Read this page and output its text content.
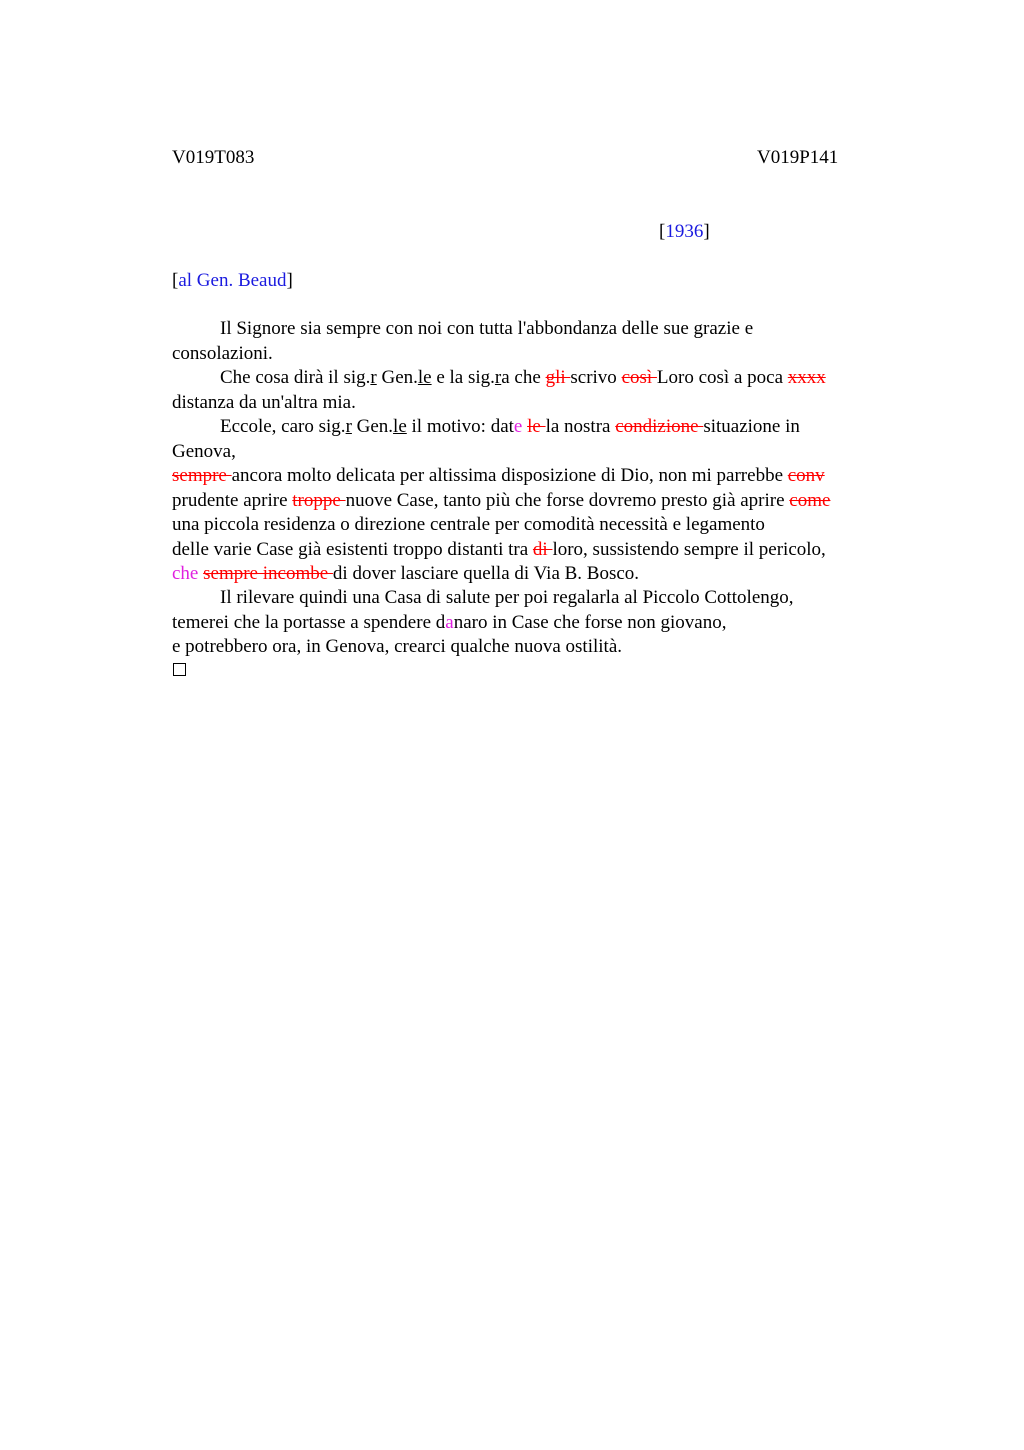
V019T083	V019P141
[1936]
[al Gen. Beaud]
Il Signore sia sempre con noi con tutta l'abbondanza delle sue grazie e
consolazioni.
Che cosa dirà il sig.r Gen.le e la sig.ra che gli scrivo così Loro così a poca xxxx
distanza da un'altra mia.
Eccole, caro sig.r Gen.le il motivo: date le la nostra condizione situazione in
Genova,
sempre ancora molto delicata per altissima disposizione di Dio, non mi parrebbe conv
prudente aprire troppe nuove Case, tanto più che forse dovremo presto già aprire come
una piccola residenza o direzione centrale per comodità necessità e legamento
delle varie Case già esistenti troppo distanti tra di loro, sussistendo sempre il pericolo,
che sempre incombe di dover lasciare quella di Via B. Bosco.
Il rilevare quindi una Casa di salute per poi regalarla al Piccolo Cottolengo,
temerei che la portasse a spendere danaro in Case che forse non giovano,
e potrebbero ora, in Genova, crearci qualche nuova ostilità.
